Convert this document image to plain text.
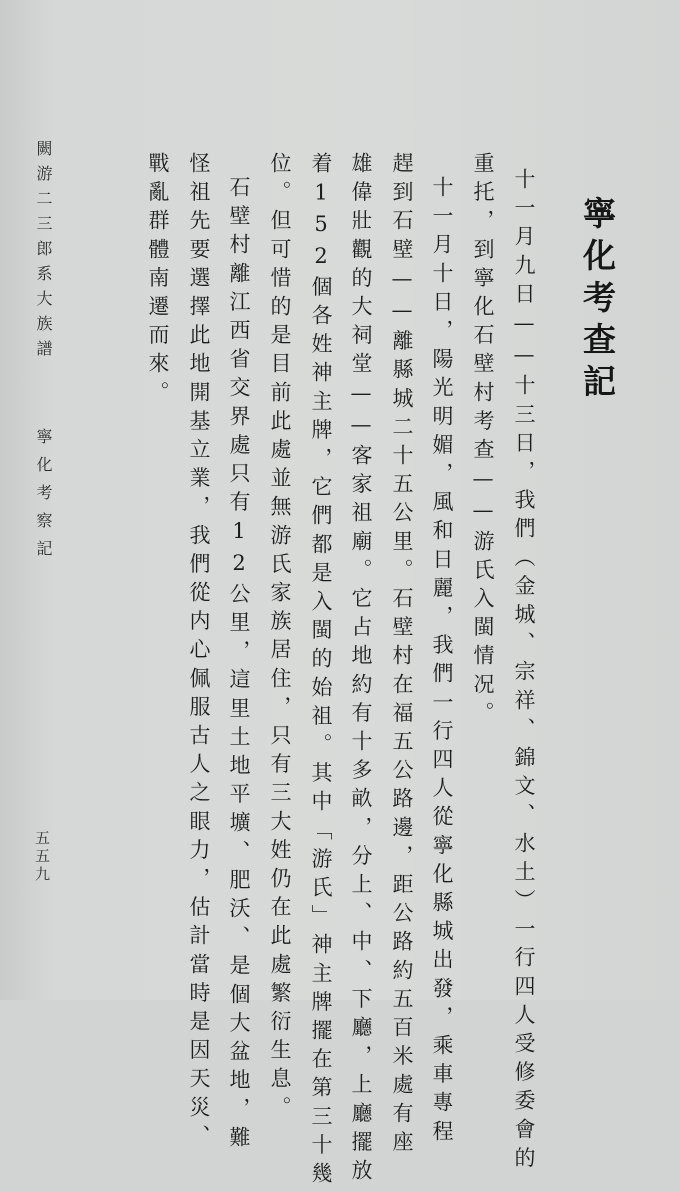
寧化考查記
十一月九日——十三日，我們（金城、宗祥、錦文、水土）一行四人受修委會的
重托，到寧化石壁村考查——游氏入閩情况。
十一月十日，陽光明媚，風和日麗，我們一行四人從寧化縣城出發，乘車專程
趕到石壁——離縣城二十五公里。石壁村在福五公路邊，距公路約五百米處有座
雄偉壯觀的大祠堂——客家祖廟。它占地約有十多畝，分上、中、下廳，上廳擺放
着152個各姓神主牌，它們都是入閩的始祖。其中「游氏」神主牌擺在第三十幾
位。但可惜的是目前此處並無游氏家族居住，只有三大姓仍在此處繁衍生息。
石壁村離江西省交界處只有12公里，這里土地平壙、肥沃、是個大盆地，難
怪祖先要選擇此地開基立業，我們從内心佩服古人之眼力，估計當時是因天災、
戰亂群體南遷而來。
闕游二三郎系大族譜
寧化考察記
五五九
